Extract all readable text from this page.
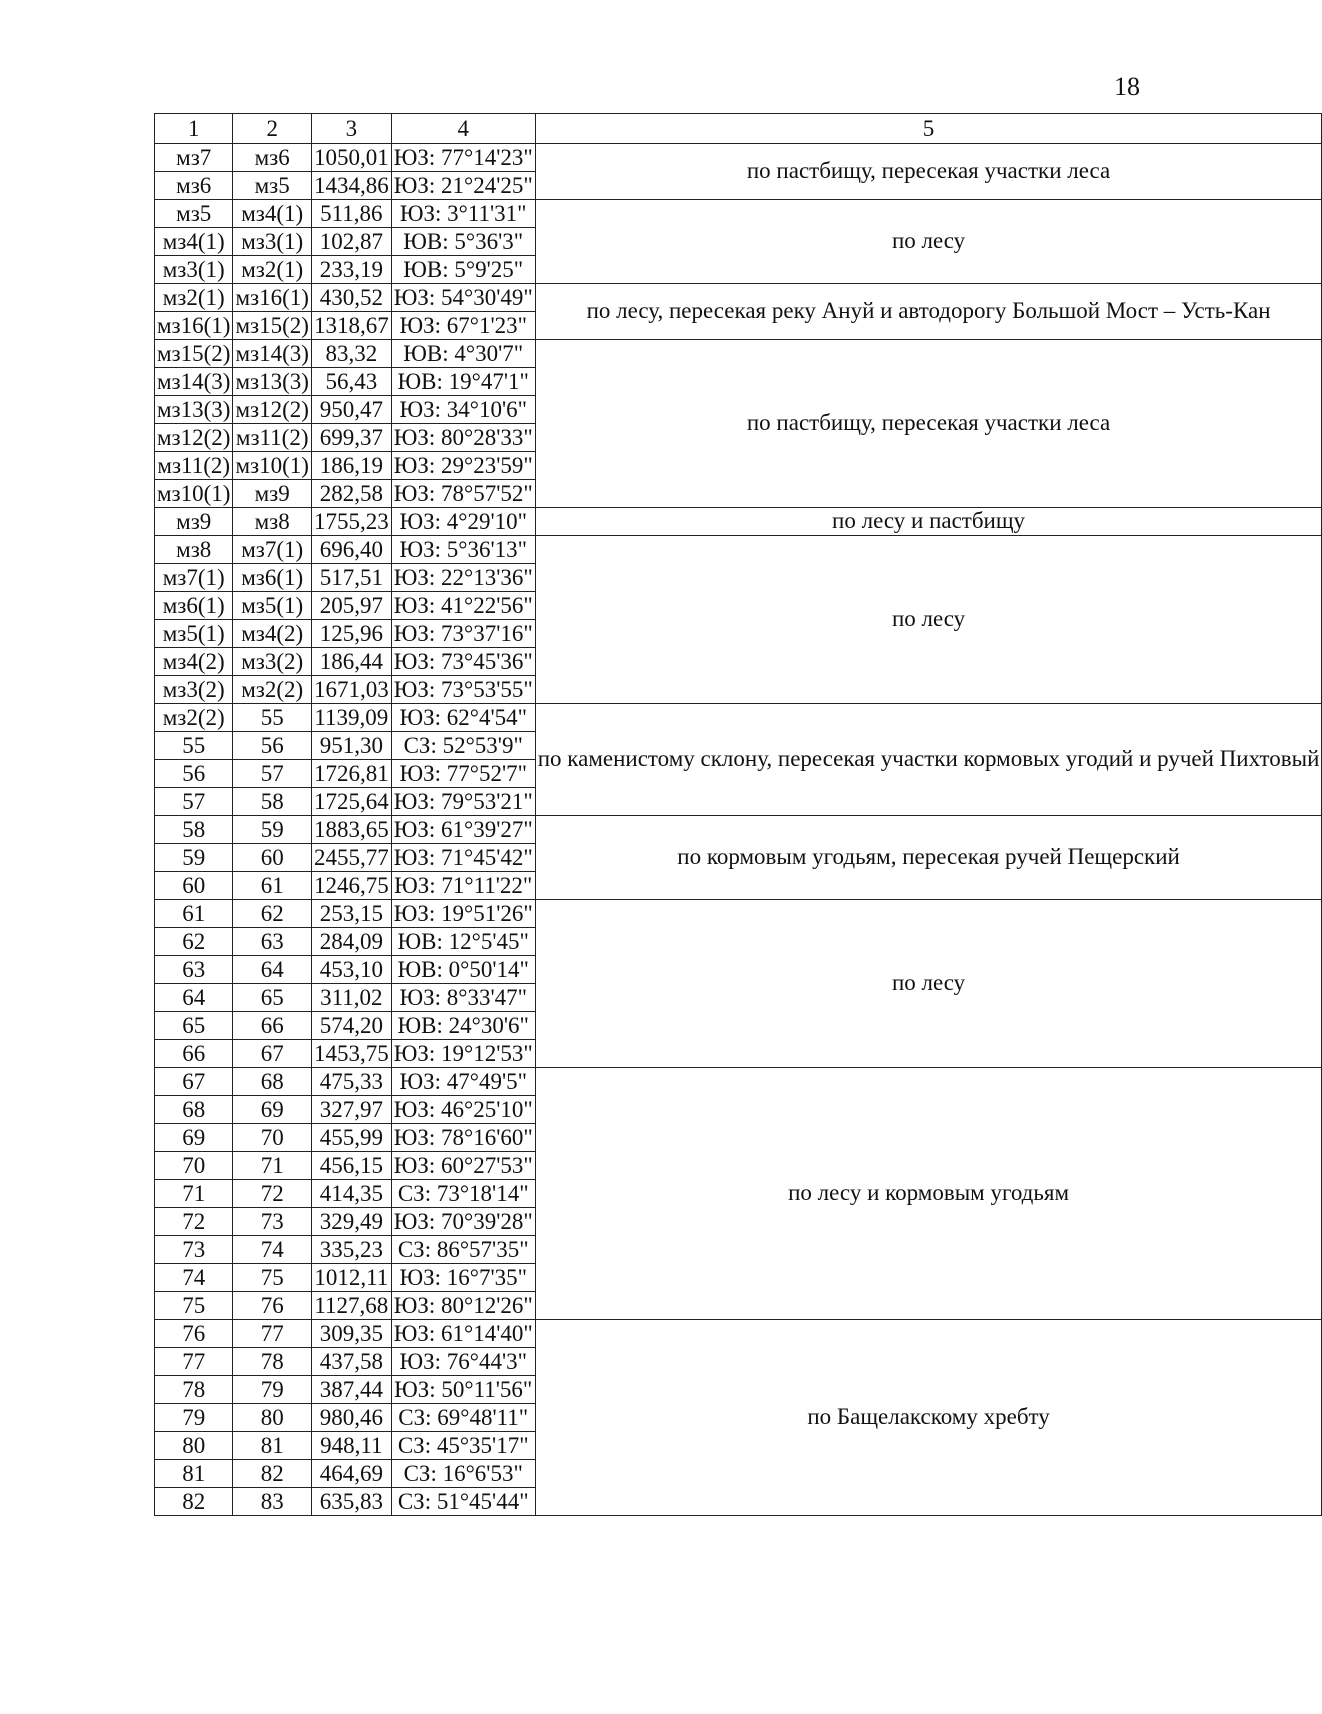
18
1	2	3	4	5
мз7	мз6	1050,01	ЮЗ: 77°14'23"	по пастбищу, пересекая участки леса
мз6	мз5	1434,86	ЮЗ: 21°24'25"	
мз5	мз4(1)	511,86	ЮЗ: 3°11'31"	по лесу
мз4(1)	мз3(1)	102,87	ЮВ: 5°36'3"	
мз3(1)	мз2(1)	233,19	ЮВ: 5°9'25"	
мз2(1)	мз16(1)	430,52	ЮЗ: 54°30'49"	по лесу, пересекая реку Ануй и автодорогу Большой Мост – Усть-Кан
мз16(1)	мз15(2)	1318,67	ЮЗ: 67°1'23"	
мз15(2)	мз14(3)	83,32	ЮВ: 4°30'7"	по пастбищу, пересекая участки леса
мз14(3)	мз13(3)	56,43	ЮВ: 19°47'1"	
мз13(3)	мз12(2)	950,47	ЮЗ: 34°10'6"	
мз12(2)	мз11(2)	699,37	ЮЗ: 80°28'33"	
мз11(2)	мз10(1)	186,19	ЮЗ: 29°23'59"	
мз10(1)	мз9	282,58	ЮЗ: 78°57'52"	
мз9	мз8	1755,23	ЮЗ: 4°29'10"	по лесу и пастбищу
мз8	мз7(1)	696,40	ЮЗ: 5°36'13"	по лесу
мз7(1)	мз6(1)	517,51	ЮЗ: 22°13'36"	
мз6(1)	мз5(1)	205,97	ЮЗ: 41°22'56"	
мз5(1)	мз4(2)	125,96	ЮЗ: 73°37'16"	
мз4(2)	мз3(2)	186,44	ЮЗ: 73°45'36"	
мз3(2)	мз2(2)	1671,03	ЮЗ: 73°53'55"	
мз2(2)	55	1139,09	ЮЗ: 62°4'54"	по каменистому склону, пересекая участки кормовых угодий и ручей Пихтовый
55	56	951,30	СЗ: 52°53'9"	
56	57	1726,81	ЮЗ: 77°52'7"	
57	58	1725,64	ЮЗ: 79°53'21"	
58	59	1883,65	ЮЗ: 61°39'27"	по кормовым угодьям, пересекая ручей Пещерский
59	60	2455,77	ЮЗ: 71°45'42"	
60	61	1246,75	ЮЗ: 71°11'22"	
61	62	253,15	ЮЗ: 19°51'26"	по лесу
62	63	284,09	ЮВ: 12°5'45"	
63	64	453,10	ЮВ: 0°50'14"	
64	65	311,02	ЮЗ: 8°33'47"	
65	66	574,20	ЮВ: 24°30'6"	
66	67	1453,75	ЮЗ: 19°12'53"	
67	68	475,33	ЮЗ: 47°49'5"	по лесу и кормовым угодьям
68	69	327,97	ЮЗ: 46°25'10"	
69	70	455,99	ЮЗ: 78°16'60"	
70	71	456,15	ЮЗ: 60°27'53"	
71	72	414,35	СЗ: 73°18'14"	
72	73	329,49	ЮЗ: 70°39'28"	
73	74	335,23	СЗ: 86°57'35"	
74	75	1012,11	ЮЗ: 16°7'35"	
75	76	1127,68	ЮЗ: 80°12'26"	
76	77	309,35	ЮЗ: 61°14'40"	по Бащелакскому хребту
77	78	437,58	ЮЗ: 76°44'3"	
78	79	387,44	ЮЗ: 50°11'56"	
79	80	980,46	СЗ: 69°48'11"	
80	81	948,11	СЗ: 45°35'17"	
81	82	464,69	СЗ: 16°6'53"	
82	83	635,83	СЗ: 51°45'44"	
